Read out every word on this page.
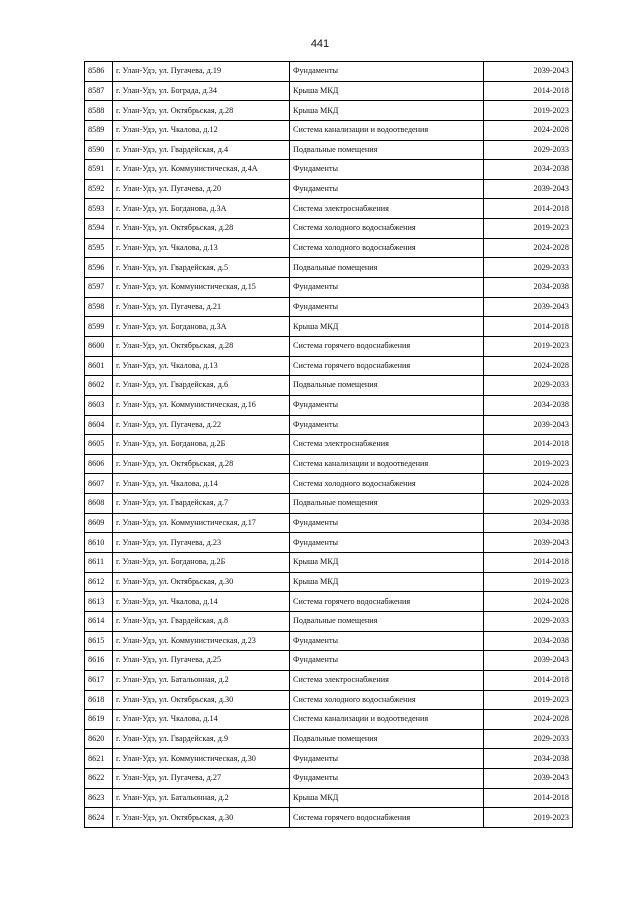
441
8586	г. Улан-Удэ, ул. Пугачева, д.19	Фундаменты	2039-2043
8587	г. Улан-Удэ, ул. Бограда, д.34	Крыша МКД	2014-2018
8588	г. Улан-Удэ, ул. Октябрьская, д.28	Крыша МКД	2019-2023
8589	г. Улан-Удэ, ул. Чкалова, д.12	Система канализации и водоотведения	2024-2028
8590	г. Улан-Удэ, ул. Гвардейская, д.4	Подвальные помещения	2029-2033
8591	г. Улан-Удэ, ул. Коммунистическая, д.4А	Фундаменты	2034-2038
8592	г. Улан-Удэ, ул. Пугачева, д.20	Фундаменты	2039-2043
8593	г. Улан-Удэ, ул. Богданова, д.3А	Система электроснабжения	2014-2018
8594	г. Улан-Удэ, ул. Октябрьская, д.28	Система холодного водоснабжения	2019-2023
8595	г. Улан-Удэ, ул. Чкалова, д.13	Система холодного водоснабжения	2024-2028
8596	г. Улан-Удэ, ул. Гвардейская, д.5	Подвальные помещения	2029-2033
8597	г. Улан-Удэ, ул. Коммунистическая, д.15	Фундаменты	2034-2038
8598	г. Улан-Удэ, ул. Пугачева, д.21	Фундаменты	2039-2043
8599	г. Улан-Удэ, ул. Богданова, д.3А	Крыша МКД	2014-2018
8600	г. Улан-Удэ, ул. Октябрьская, д.28	Система горячего водоснабжения	2019-2023
8601	г. Улан-Удэ, ул. Чкалова, д.13	Система горячего водоснабжения	2024-2028
8602	г. Улан-Удэ, ул. Гвардейская, д.6	Подвальные помещения	2029-2033
8603	г. Улан-Удэ, ул. Коммунистическая, д.16	Фундаменты	2034-2038
8604	г. Улан-Удэ, ул. Пугачева, д.22	Фундаменты	2039-2043
8605	г. Улан-Удэ, ул. Богданова, д.2Б	Система электроснабжения	2014-2018
8606	г. Улан-Удэ, ул. Октябрьская, д.28	Система канализации и водоотведения	2019-2023
8607	г. Улан-Удэ, ул. Чкалова, д.14	Система холодного водоснабжения	2024-2028
8608	г. Улан-Удэ, ул. Гвардейская, д.7	Подвальные помещения	2029-2033
8609	г. Улан-Удэ, ул. Коммунистическая, д.17	Фундаменты	2034-2038
8610	г. Улан-Удэ, ул. Пугачева, д.23	Фундаменты	2039-2043
8611	г. Улан-Удэ, ул. Богданова, д.2Б	Крыша МКД	2014-2018
8612	г. Улан-Удэ, ул. Октябрьская, д.30	Крыша МКД	2019-2023
8613	г. Улан-Удэ, ул. Чкалова, д.14	Система горячего водоснабжения	2024-2028
8614	г. Улан-Удэ, ул. Гвардейская, д.8	Подвальные помещения	2029-2033
8615	г. Улан-Удэ, ул. Коммунистическая, д.23	Фундаменты	2034-2038
8616	г. Улан-Удэ, ул. Пугачева, д.25	Фундаменты	2039-2043
8617	г. Улан-Удэ, ул. Батальонная, д.2	Система электроснабжения	2014-2018
8618	г. Улан-Удэ, ул. Октябрьская, д.30	Система холодного водоснабжения	2019-2023
8619	г. Улан-Удэ, ул. Чкалова, д.14	Система канализации и водоотведения	2024-2028
8620	г. Улан-Удэ, ул. Гвардейская, д.9	Подвальные помещения	2029-2033
8621	г. Улан-Удэ, ул. Коммунистическая, д.30	Фундаменты	2034-2038
8622	г. Улан-Удэ, ул. Пугачева, д.27	Фундаменты	2039-2043
8623	г. Улан-Удэ, ул. Батальонная, д.2	Крыша МКД	2014-2018
8624	г. Улан-Удэ, ул. Октябрьская, д.30	Система горячего водоснабжения	2019-2023
